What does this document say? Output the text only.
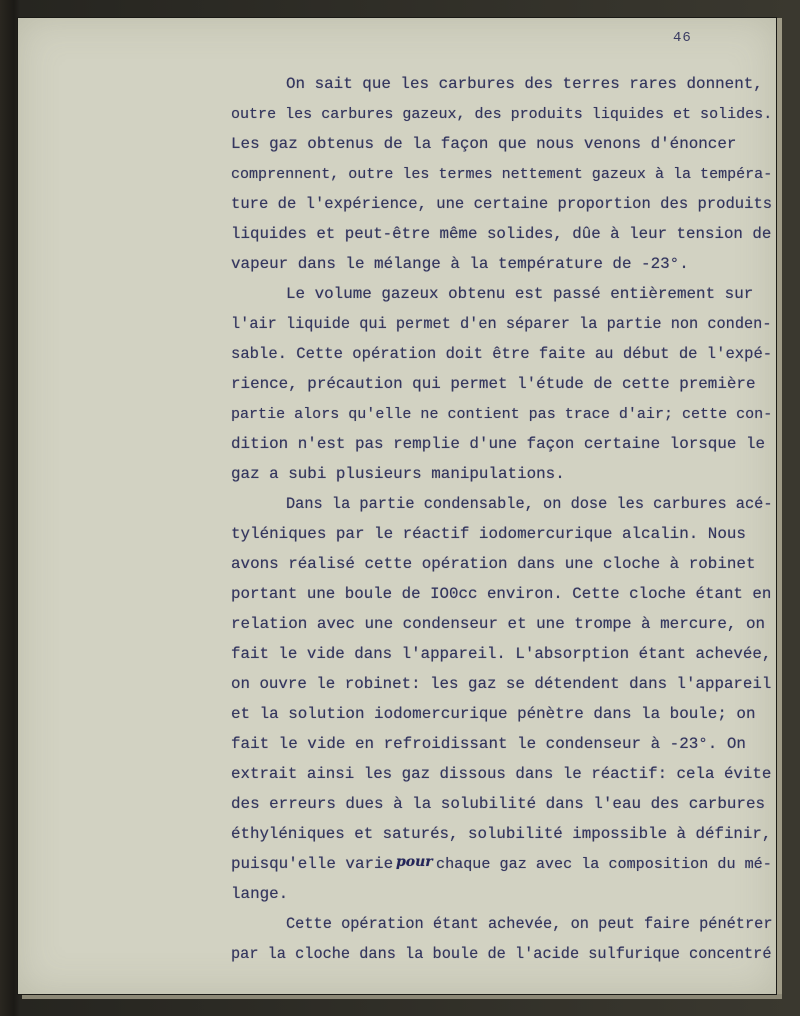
46
On sait que les carbures des terres rares donnent,
outre les carbures gazeux, des produits liquides et solides.
Les gaz obtenus de la façon que nous venons d'énoncer
comprennent, outre les termes nettement gazeux à la tempéra-
ture de l'expérience, une certaine proportion des produits
liquides et peut-être même solides, dûe à leur tension de
vapeur dans le mélange à la température de -23°.
Le volume gazeux obtenu est passé entièrement sur
l'air liquide qui permet d'en séparer la partie non conden-
sable. Cette opération doit être faite au début de l'expé-
rience, précaution qui permet l'étude de cette première
partie alors qu'elle ne contient pas trace d'air; cette con-
dition n'est pas remplie d'une façon certaine lorsque le
gaz a subi plusieurs manipulations.
Dans la partie condensable, on dose les carbures acé-
tyléniques par le réactif iodomercurique alcalin. Nous
avons réalisé cette opération dans une cloche à robinet
portant une boule de IO0cc environ. Cette cloche étant en
relation avec une condenseur et une trompe à mercure, on
fait le vide dans l'appareil. L'absorption étant achevée,
on ouvre le robinet: les gaz se détendent dans l'appareil
et la solution iodomercurique pénètre dans la boule; on
fait le vide en refroidissant le condenseur à -23°. On
extrait ainsi les gaz dissous dans le réactif: cela évite
des erreurs dues à la solubilité dans l'eau des carbures
éthyléniques et saturés, solubilité impossible à définir,
puisqu'elle varie pour chaque gaz avec la composition du mé-
lange.
Cette opération étant achevée, on peut faire pénétrer
par la cloche dans la boule de l'acide sulfurique concentré
